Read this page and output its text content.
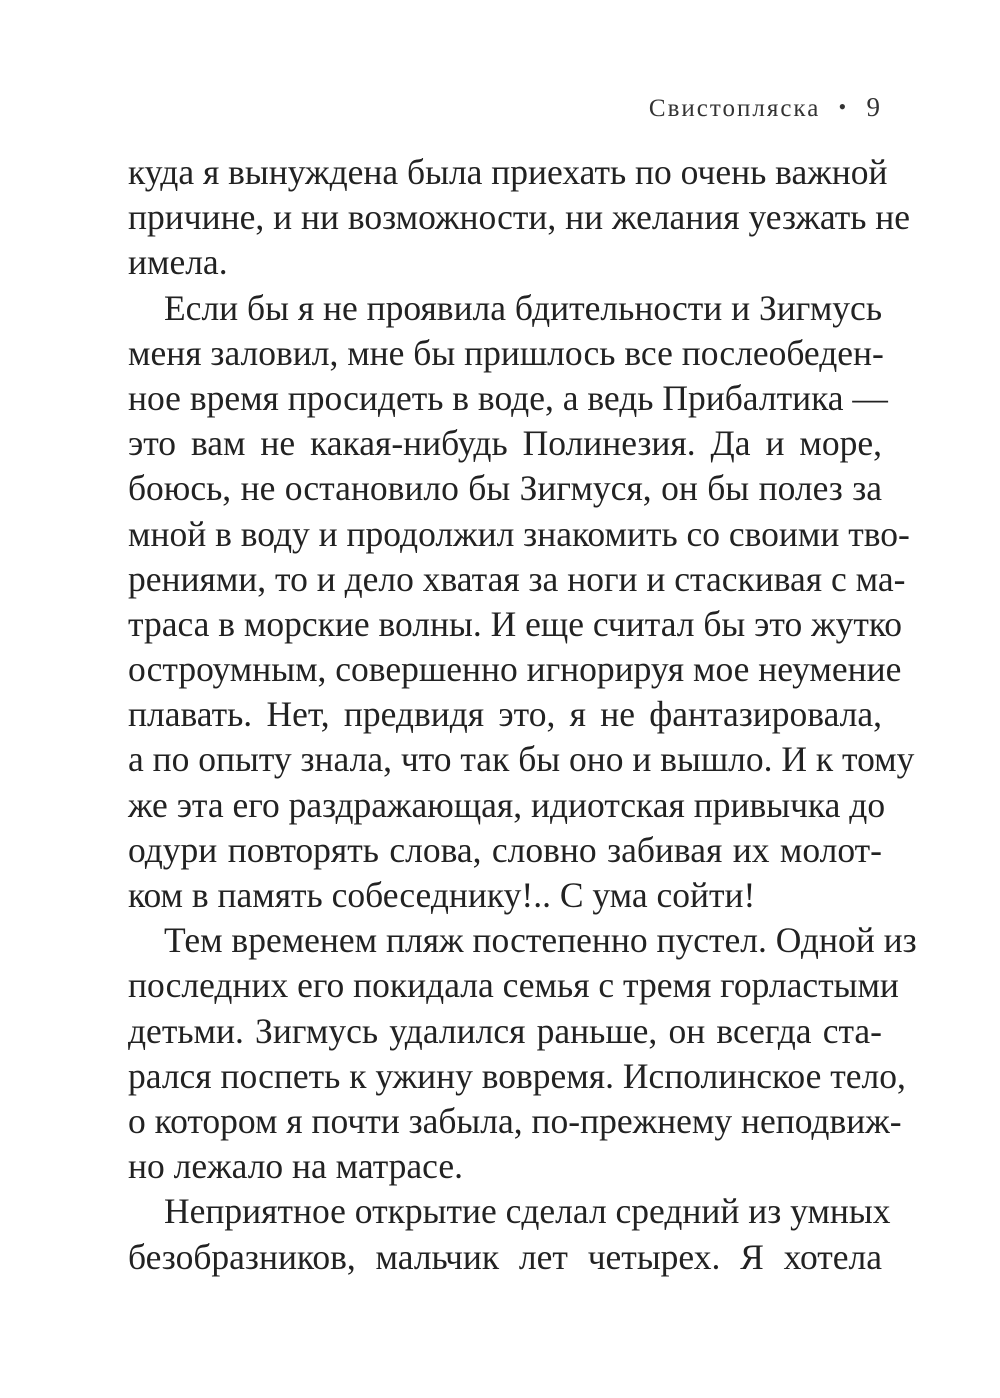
Свистопляска • 9
куда я вынуждена была приехать по очень важной
причине, и ни возможности, ни желания уезжать не
имела.
Если бы я не проявила бдительности и Зигмусь
меня заловил, мне бы пришлось все послеобеден-
ное время просидеть в воде, а ведь Прибалтика —
это вам не какая-нибудь Полинезия. Да и море,
боюсь, не остановило бы Зигмуся, он бы полез за
мной в воду и продолжил знакомить со своими тво-
рениями, то и дело хватая за ноги и стаскивая с ма-
траса в морские волны. И еще считал бы это жутко
остроумным, совершенно игнорируя мое неумение
плавать. Нет, предвидя это, я не фантазировала,
а по опыту знала, что так бы оно и вышло. И к тому
же эта его раздражающая, идиотская привычка до
одури повторять слова, словно забивая их молот-
ком в память собеседнику!.. С ума сойти!
Тем временем пляж постепенно пустел. Одной из
последних его покидала семья с тремя горластыми
детьми. Зигмусь удалился раньше, он всегда ста-
рался поспеть к ужину вовремя. Исполинское тело,
о котором я почти забыла, по-прежнему неподвиж-
но лежало на матрасе.
Неприятное открытие сделал средний из умных
безобразников, мальчик лет четырех. Я хотела
